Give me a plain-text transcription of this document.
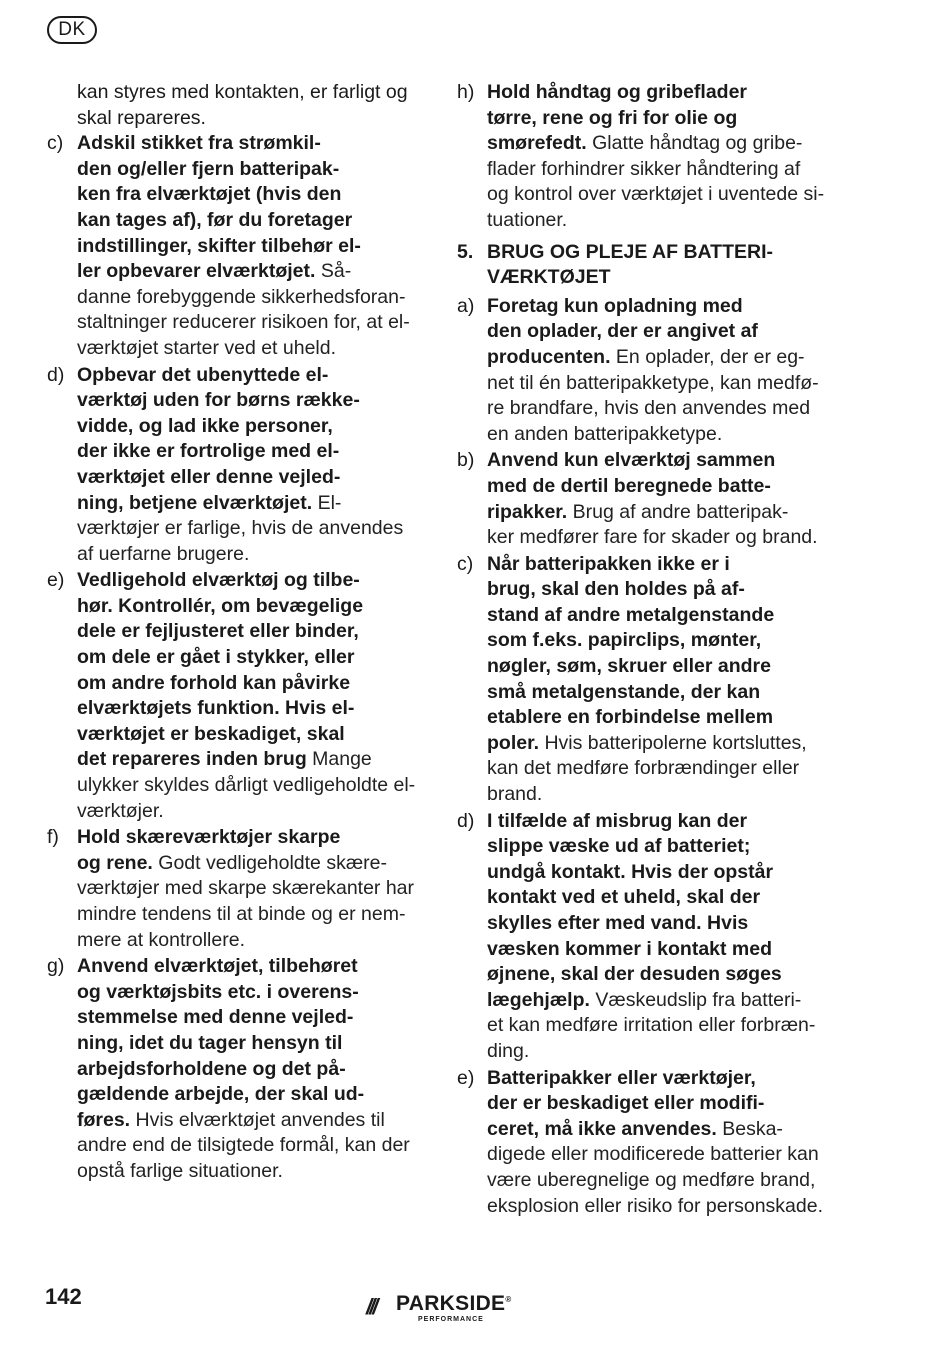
DK
kan styres med kontakten, er farligt og
skal repareres.
c) Adskil stikket fra strømkil-
den og/eller fjern batteripak-
ken fra elværktøjet (hvis den
kan tages af), før du foretager
indstillinger, skifter tilbehør el-
ler opbevarer elværktøjet. Så-
danne forebyggende sikkerhedsforan-
staltninger reducerer risikoen for, at el-
værktøjet starter ved et uheld.
d) Opbevar det ubenyttede el-
værktøj uden for børns række-
vidde, og lad ikke personer,
der ikke er fortrolige med el-
værktøjet eller denne vejled-
ning, betjene elværktøjet. El-
værktøjer er farlige, hvis de anvendes
af uerfarne brugere.
e) Vedligehold elværktøj og tilbe-
hør. Kontrollér, om bevægelige
dele er fejljusteret eller binder,
om dele er gået i stykker, eller
om andre forhold kan påvirke
elværktøjets funktion. Hvis el-
værktøjet er beskadiget, skal
det repareres inden brug Mange
ulykker skyldes dårligt vedligeholdte el-
værktøjer.
f) Hold skæreværktøjer skarpe
og rene. Godt vedligeholdte skære-
værktøjer med skarpe skærekanter har
mindre tendens til at binde og er nem-
mere at kontrollere.
g) Anvend elværktøjet, tilbehøret
og værktøjsbits etc. i overens-
stemmelse med denne vejled-
ning, idet du tager hensyn til
arbejdsforholdene og det på-
gældende arbejde, der skal ud-
føres. Hvis elværktøjet anvendes til
andre end de tilsigtede formål, kan der
opstå farlige situationer.
h) Hold håndtag og gribeflader
tørre, rene og fri for olie og
smørefedt. Glatte håndtag og gribe-
flader forhindrer sikker håndtering af
og kontrol over værktøjet i uventede si-
tuationer.
5. BRUG OG PLEJE AF BATTERI-
VÆRKTØJET
a) Foretag kun opladning med
den oplader, der er angivet af
producenten. En oplader, der er eg-
net til én batteripakketype, kan medfø-
re brandfare, hvis den anvendes med
en anden batteripakketype.
b) Anvend kun elværktøj sammen
med de dertil beregnede batte-
ripakker. Brug af andre batteripak-
ker medfører fare for skader og brand.
c) Når batteripakken ikke er i
brug, skal den holdes på af-
stand af andre metalgenstande
som f.eks. papirclips, mønter,
nøgler, søm, skruer eller andre
små metalgenstande, der kan
etablere en forbindelse mellem
poler. Hvis batteripolerne kortsluttes,
kan det medføre forbrændinger eller
brand.
d) I tilfælde af misbrug kan der
slippe væske ud af batteriet;
undgå kontakt. Hvis der opstår
kontakt ved et uheld, skal der
skylles efter med vand. Hvis
væsken kommer i kontakt med
øjnene, skal der desuden søges
lægehjælp. Væskeudslip fra batteri-
et kan medføre irritation eller forbræn-
ding.
e) Batteripakker eller værktøjer,
der er beskadiget eller modifi-
ceret, må ikke anvendes. Beska-
digede eller modificerede batterier kan
være uberegnelige og medføre brand,
eksplosion eller risiko for personskade.
142	/// PARKSIDE®
PERFORMANCE
